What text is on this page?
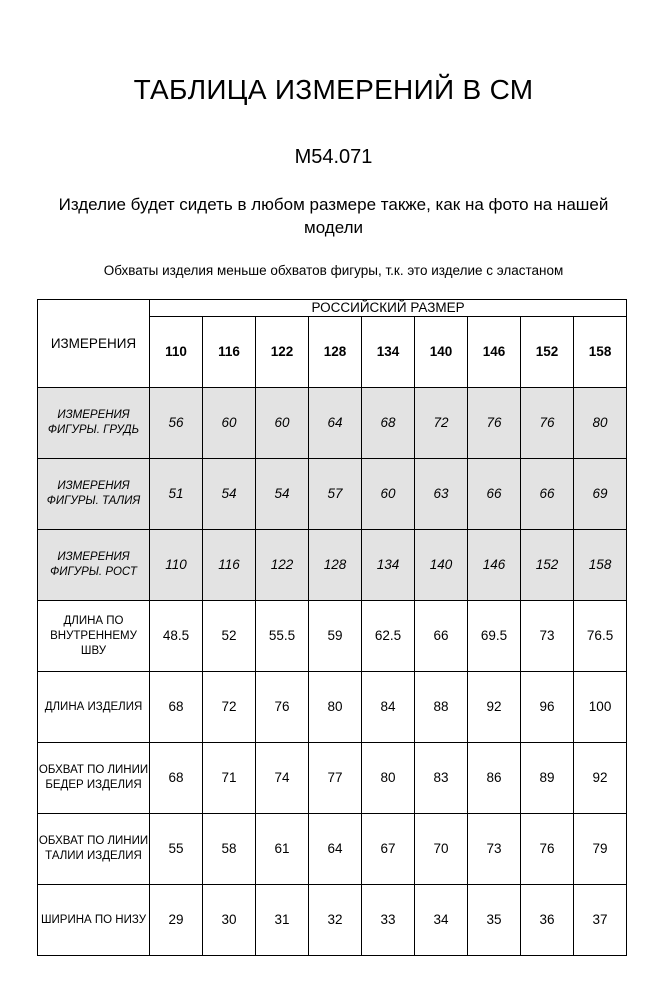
ТАБЛИЦА ИЗМЕРЕНИЙ В СМ
М54.071
Изделие будет сидеть в любом размере также, как на фото на нашей модели
Обхваты изделия меньше обхватов фигуры, т.к. это изделие с эластаном
ИЗМЕРЕНИЯ	РОССИЙСКИЙ РАЗМЕР								
	110	116	122	128	134	140	146	152	158
ИЗМЕРЕНИЯ ФИГУРЫ. ГРУДЬ	56	60	60	64	68	72	76	76	80
ИЗМЕРЕНИЯ ФИГУРЫ. ТАЛИЯ	51	54	54	57	60	63	66	66	69
ИЗМЕРЕНИЯ ФИГУРЫ. РОСТ	110	116	122	128	134	140	146	152	158
ДЛИНА ПО ВНУТРЕННЕМУ ШВУ	48.5	52	55.5	59	62.5	66	69.5	73	76.5
ДЛИНА ИЗДЕЛИЯ	68	72	76	80	84	88	92	96	100
ОБХВАТ ПО ЛИНИИ БЕДЕР ИЗДЕЛИЯ	68	71	74	77	80	83	86	89	92
ОБХВАТ ПО ЛИНИИ ТАЛИИ ИЗДЕЛИЯ	55	58	61	64	67	70	73	76	79
ШИРИНА ПО НИЗУ	29	30	31	32	33	34	35	36	37
